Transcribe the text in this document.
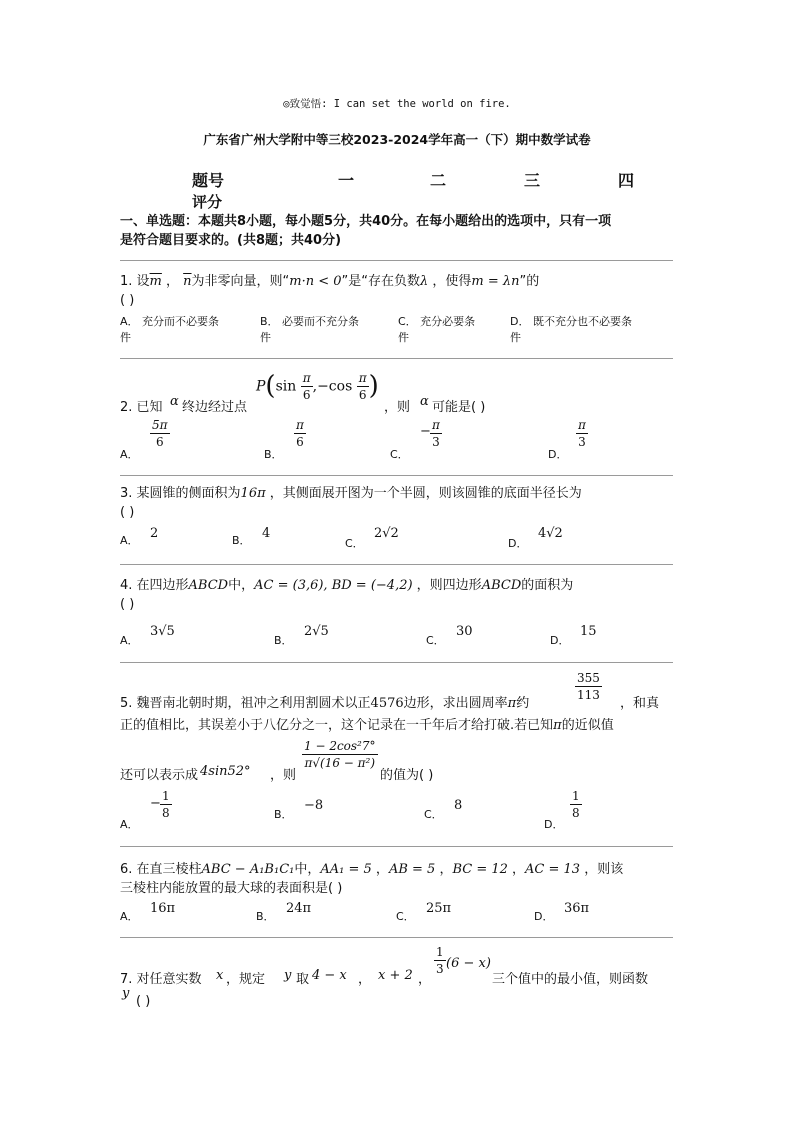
◎致觉悟: I can set the world on fire.
广东省广州大学附中等三校2023-2024学年高一（下）期中数学试卷
题号	一	二	三	四
评分
一、单选题：本题共8小题，每小题5分，共40分。在每小题给出的选项中，只有一项
是符合题目要求的。(共8题；共40分)
1. 设$\overline{m}$ ， $\overline{n}$为非零向量，则“m·n < 0”是“存在负数λ ，使得m = λn”的
( )
A． 充分而不必要条
件
B． 必要而不充分条
件
C． 充分必要条
件
D． 既不充分也不必要条
件
2. 已知 α 终边经过点
$P(\sin \frac{\pi}{6} ,-\cos \frac{\pi}{6}$ )
，则 α 可能是( )
A．
$\frac{5\pi}{6}$
B．
$\frac{\pi}{6}$
C．
− $\frac{\pi}{3}$
D．
$\frac{\pi}{3}$
3. 某圆锥的侧面积为16π ，其侧面展开图为一个半圆，则该圆锥的底面半径长为
( )
A． 2	B． 4
C．
2√2
D．
4√2
4. 在四边形ABCD中，AC = (3,6), BD = (−4,2) ，则四边形ABCD的面积为
( )
A．
3√5
B．
2√5
C．
30
D．
15
5. 魏晋南北朝时期，祖冲之利用割圆术以正4576边形，求出圆周率π约
$\frac{355}{113}$
，和真
正的值相比，其误差小于八亿分之一，这个记录在一千年后才给打破.若已知π的近似值
还可以表示成 4sin52° ，则
$\frac{\text{1 − 2cos²7°}}{\text{π√(16 − π²)}}$
的值为( )
A．
− $\frac{1}{8}$	B．
−8
C．
8
D．
$\frac{1}{8}$
6. 在直三棱柱ABC − A₁B₁C₁中，AA₁ = 5 ，AB = 5 ，BC = 12 ，AC = 13 ，则该
三棱柱内能放置的最大球的表面积是( )
A．
16π
B．
24π
C．
25π
D．
36π
7. 对任意实数 x ，规定 y 取 4 − x ， x + 2 ，
$\frac{1}{3} (6 - x)$
三个值中的最小值，则函数
y
( )
